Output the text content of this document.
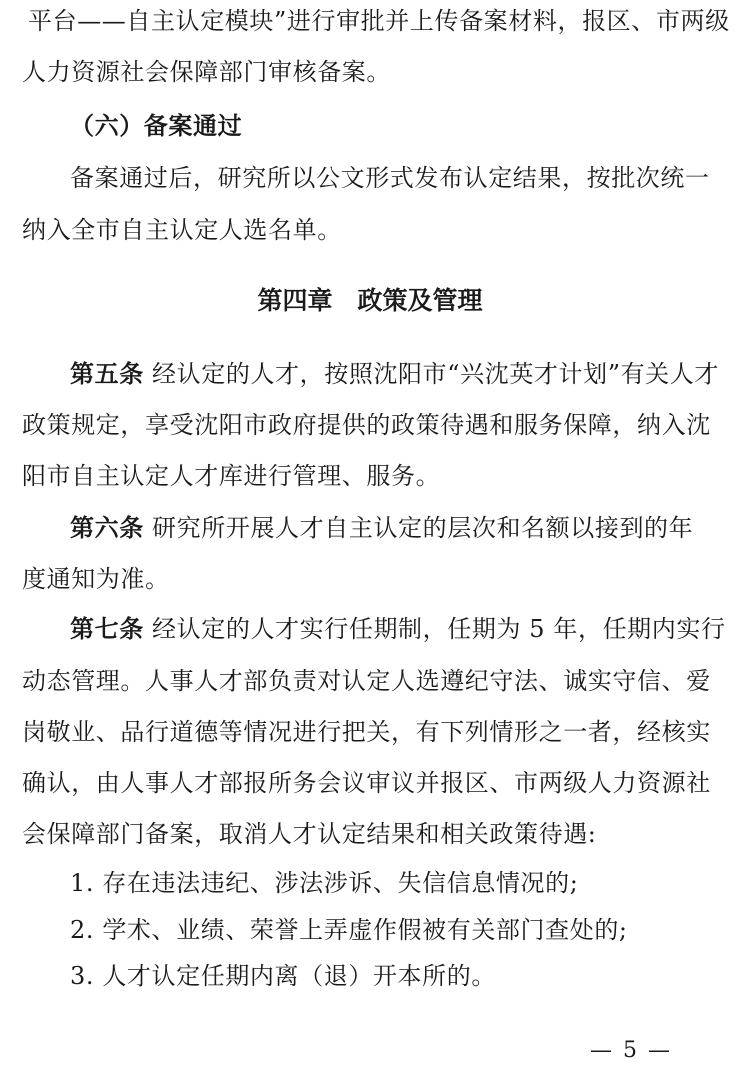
平台——自主认定模块”进行审批并上传备案材料，报区、市两级
人力资源社会保障部门审核备案。
（六）备案通过
备案通过后，研究所以公文形式发布认定结果，按批次统一
纳入全市自主认定人选名单。
第四章　政策及管理
第五条 经认定的人才，按照沈阳市“兴沈英才计划”有关人才
政策规定，享受沈阳市政府提供的政策待遇和服务保障，纳入沈
阳市自主认定人才库进行管理、服务。
第六条 研究所开展人才自主认定的层次和名额以接到的年
度通知为准。
第七条 经认定的人才实行任期制，任期为 5 年，任期内实行
动态管理。人事人才部负责对认定人选遵纪守法、诚实守信、爱
岗敬业、品行道德等情况进行把关，有下列情形之一者，经核实
确认，由人事人才部报所务会议审议并报区、市两级人力资源社
会保障部门备案，取消人才认定结果和相关政策待遇:
1. 存在违法违纪、涉法涉诉、失信信息情况的;
2. 学术、业绩、荣誉上弄虚作假被有关部门查处的;
3. 人才认定任期内离（退）开本所的。
— 5 —
